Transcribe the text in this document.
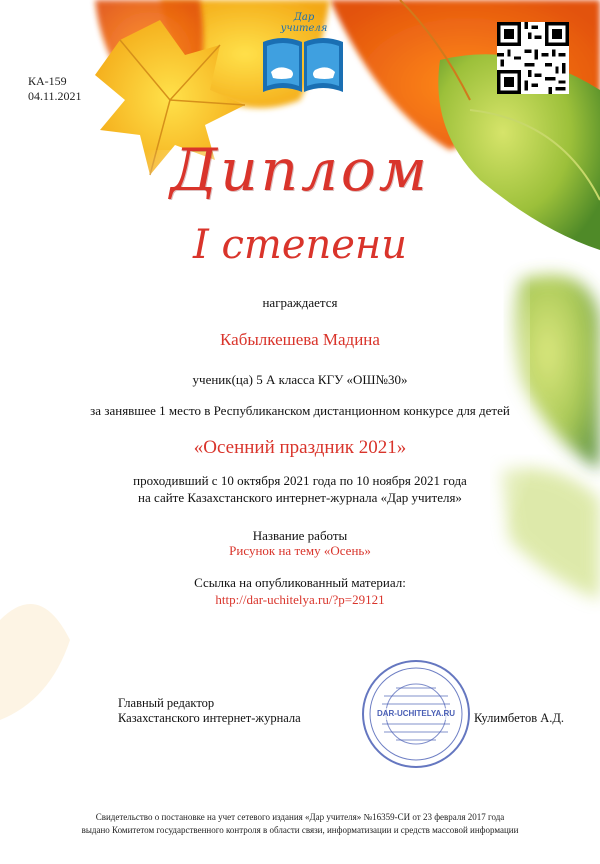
КА-159
04.11.2021
Дар учителя
Диплом
I степени
награждается
Кабылкешева Мадина
ученик(ца) 5 А класса КГУ «ОШ№30»
за занявшее 1 место в Республиканском дистанционном конкурсе для детей
«Осенний праздник 2021»
проходивший с 10 октября 2021 года по 10 ноября 2021 года
на сайте Казахстанского интернет-журнала «Дар учителя»
Название работы
Рисунок на тему «Осень»
Ссылка на опубликованный материал:
http://dar-uchitelya.ru/?p=29121
Главный редактор
Казахстанского интернет-журнала	Кулимбетов А.Д.
DAR-UCHITELYA.RU
Свидетельство о постановке на учет сетевого издания «Дар учителя» №16359-СИ от 23 февраля 2017 года
выдано Комитетом государственного контроля в области связи, информатизации и средств массовой информации
